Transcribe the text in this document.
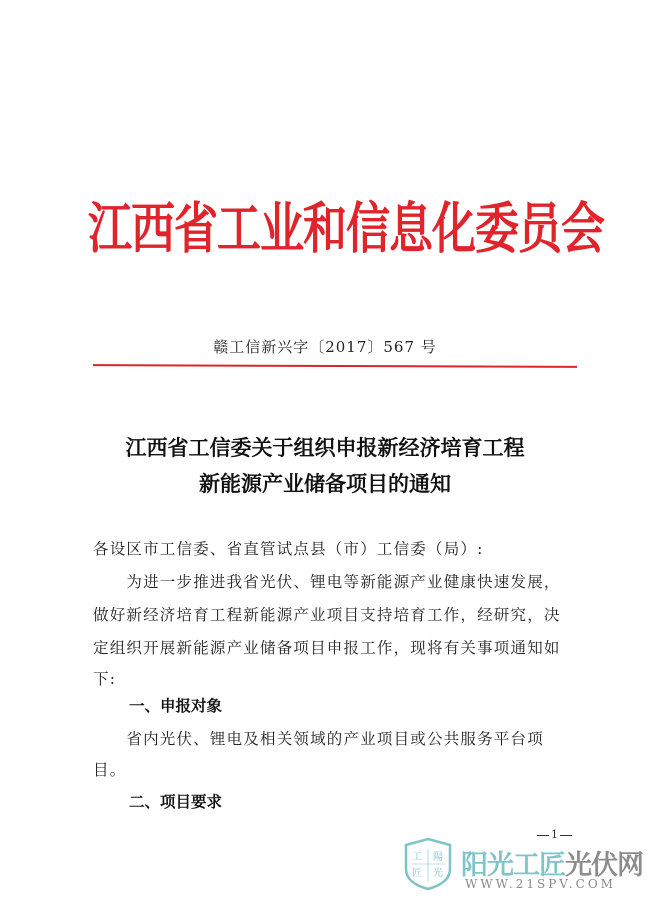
江西省工业和信息化委员会
赣工信新兴字〔2017〕567 号
江西省工信委关于组织申报新经济培育工程
新能源产业储备项目的通知
各设区市工信委、省直管试点县（市）工信委（局）:
　　为进一步推进我省光伏、锂电等新能源产业健康快速发展，
做好新经济培育工程新能源产业项目支持培育工作，经研究，决
定组织开展新能源产业储备项目申报工作，现将有关事项通知如
下:
一、申报对象
　　省内光伏、锂电及相关领域的产业项目或公共服务平台项
目。
二、项目要求
1
工 陽
匠 光 阳光工匠光伏网
WWW.21SPV.COM
